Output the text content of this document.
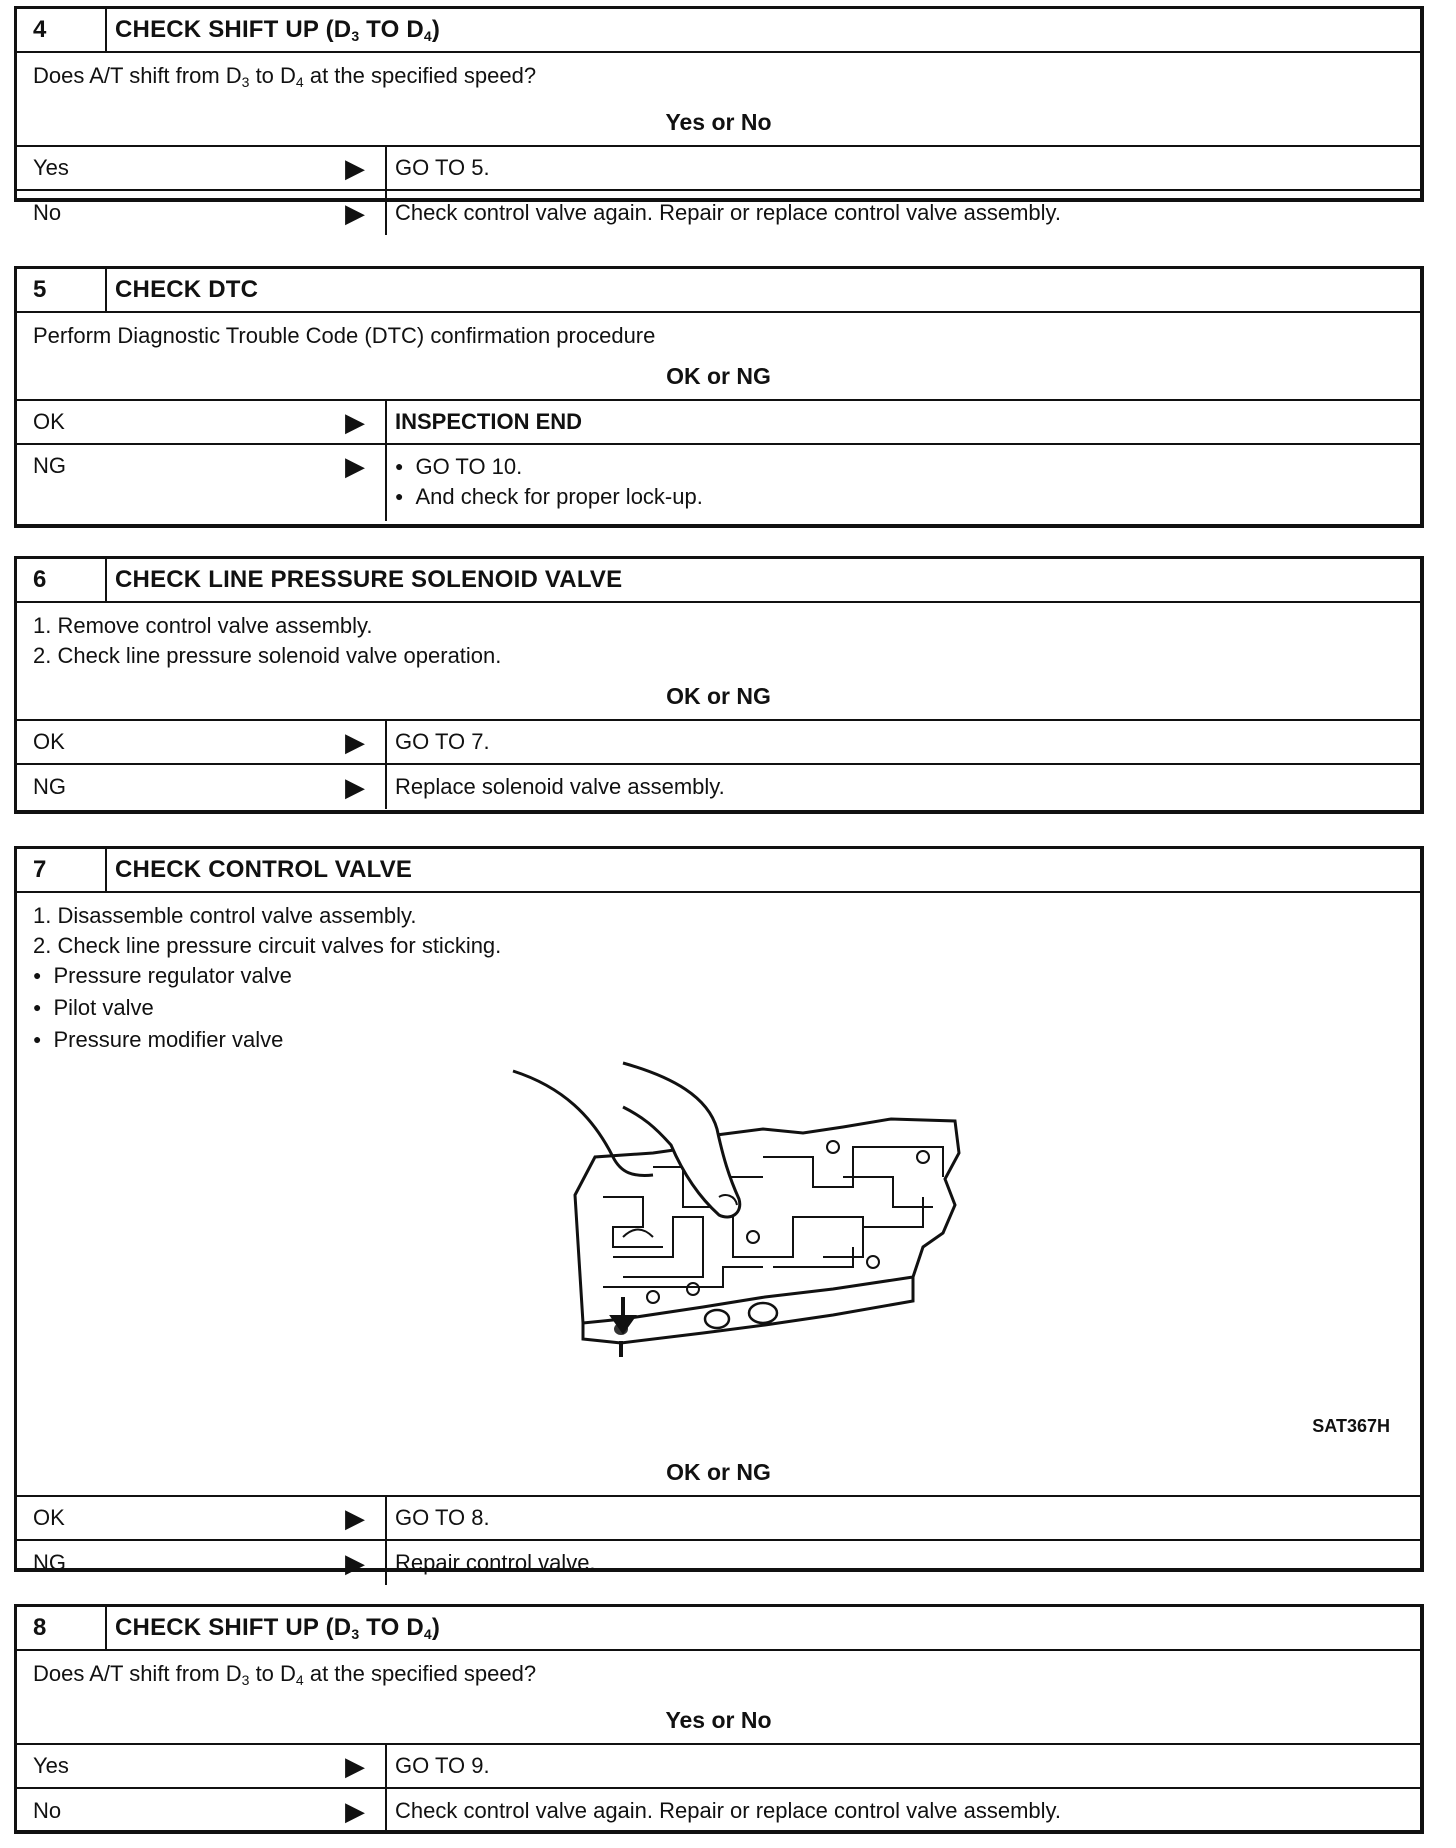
4	CHECK SHIFT UP ($D_3$ TO $D_4$)
Does A/T shift from $D_3$ to $D_4$ at the specified speed?
Yes or No
Yes	▶	GO TO 5.
No	▶	Check control valve again. Repair or replace control valve assembly.
5	CHECK DTC
Perform Diagnostic Trouble Code (DTC) confirmation procedure
OK or NG
OK	▶	INSPECTION END
NG	▶
●	GO TO 10.
● And check for proper lock-up.
6	CHECK LINE PRESSURE SOLENOID VALVE
1. Remove control valve assembly.
2. Check line pressure solenoid valve operation.
OK or NG
OK	▶	GO TO 7.
NG	▶	Replace solenoid valve assembly.
7	CHECK CONTROL VALVE
1. Disassemble control valve assembly.
2. Check line pressure circuit valves for sticking.
● Pressure regulator valve
● Pilot valve
● Pressure modifier valve
SAT367H
OK or NG
OK	▶	GO TO 8.
NG	▶	Repair control valve.
8	CHECK SHIFT UP ($D_3$ TO $D_4$)
Does A/T shift from $D_3$ to $D_4$ at the specified speed?
Yes or No
Yes	▶	GO TO 9.
No	▶	Check control valve again. Repair or replace control valve assembly.
